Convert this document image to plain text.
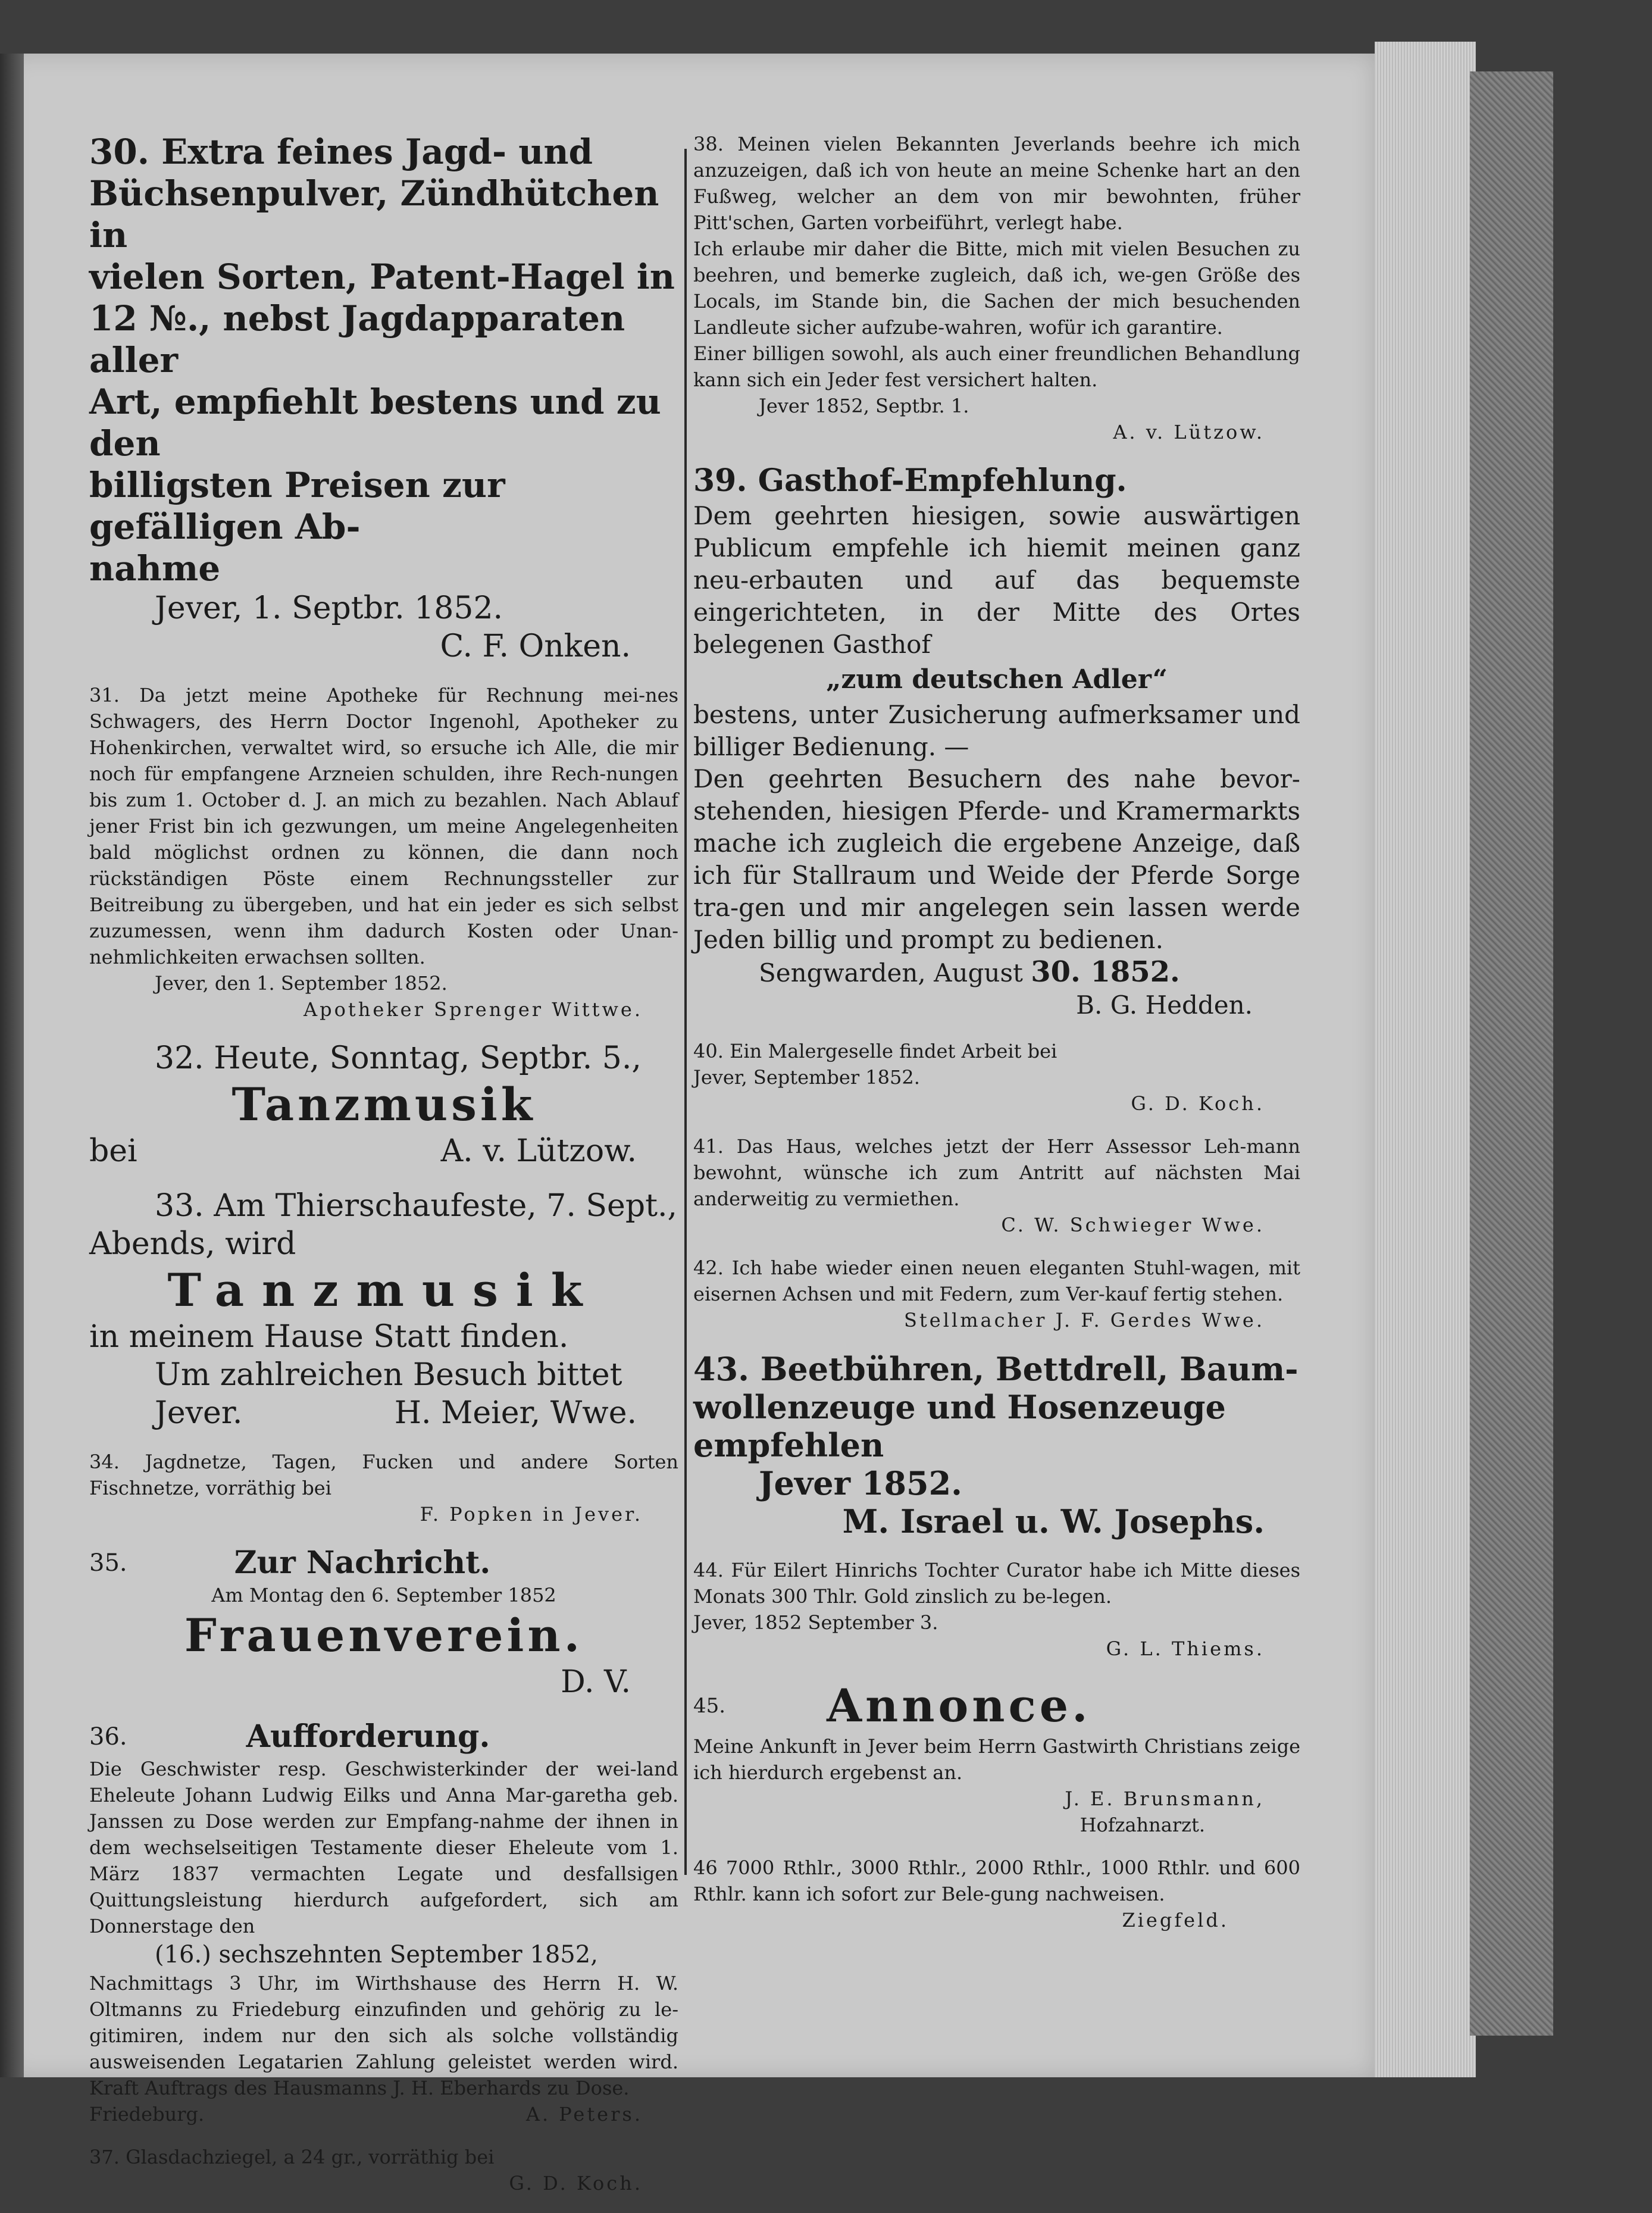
30. Extra feines Jagd- und

Büchsenpulver, Zündhütchen in

vielen Sorten, Patent-Hagel in

12 №., nebst Jagdapparaten aller

Art, empfiehlt bestens und zu den

billigsten Preisen zur gefälligen Ab-

nahme

Jever, 1. Septbr. 1852.

C. F. Onken.

31. Da jetzt meine Apotheke für Rechnung mei-nes Schwagers, des Herrn Doctor Ingenohl, Apotheker zu Hohenkirchen, verwaltet wird, so ersuche ich Alle, die mir noch für empfangene Arzneien schulden, ihre Rech-nungen bis zum 1. October d. J. an mich zu bezahlen. Nach Ablauf jener Frist bin ich gezwungen, um meine Angelegenheiten bald möglichst ordnen zu können, die dann noch rückständigen Pöste einem Rechnungssteller zur Beitreibung zu übergeben, und hat ein jeder es sich selbst zuzumessen, wenn ihm dadurch Kosten oder Unan-nehmlichkeiten erwachsen sollten.

Jever, den 1. September 1852.

Apotheker Sprenger Wittwe.

32. Heute, Sonntag, Septbr. 5.,

Tanzmusik

bei	A. v. Lützow.

33. Am Thierschaufeste, 7. Sept.,

Abends, wird

Tanzmusik

in meinem Hause Statt finden.

Um zahlreichen Besuch bittet

Jever.	H. Meier, Wwe.

34. Jagdnetze, Tagen, Fucken und andere Sorten Fischnetze, vorräthig bei

F. Popken in Jever.

35.	Zur Nachricht.

Am Montag den 6. September 1852

Frauenverein.

D. V.

36.	Aufforderung.

Die Geschwister resp. Geschwisterkinder der wei-land Eheleute Johann Ludwig Eilks und Anna Mar-garetha geb. Janssen zu Dose werden zur Empfang-nahme der ihnen in dem wechselseitigen Testamente dieser Eheleute vom 1. März 1837 vermachten Legate und desfallsigen Quittungsleistung hierdurch aufgefordert, sich am Donnerstage den

(16.) sechszehnten September 1852,

Nachmittags 3 Uhr, im Wirthshause des Herrn H. W. Oltmanns zu Friedeburg einzufinden und gehörig zu le-gitimiren, indem nur den sich als solche vollständig ausweisenden Legatarien Zahlung geleistet werden wird. Kraft Auftrags des Hausmanns J. H. Eberhards zu Dose.

Friedeburg.	A. Peters.

37. Glasdachziegel, a 24 gr., vorräthig bei

G. D. Koch.

38. Meinen vielen Bekannten Jeverlands beehre ich mich anzuzeigen, daß ich von heute an meine Schenke hart an den Fußweg, welcher an dem von mir bewohnten, früher Pitt'schen, Garten vorbeiführt, verlegt habe.

Ich erlaube mir daher die Bitte, mich mit vielen Besuchen zu beehren, und bemerke zugleich, daß ich, we-gen Größe des Locals, im Stande bin, die Sachen der mich besuchenden Landleute sicher aufzube-wahren, wofür ich garantire.

Einer billigen sowohl, als auch einer freundlichen Behandlung kann sich ein Jeder fest versichert halten.

Jever 1852, Septbr. 1.

A. v. Lützow.

39. Gasthof-Empfehlung.

Dem geehrten hiesigen, sowie auswärtigen Publicum empfehle ich hiemit meinen ganz neu-erbauten und auf das bequemste eingerichteten, in der Mitte des Ortes belegenen Gasthof

„zum deutschen Adler“

bestens, unter Zusicherung aufmerksamer und billiger Bedienung. —

Den geehrten Besuchern des nahe bevor-stehenden, hiesigen Pferde- und Kramermarkts mache ich zugleich die ergebene Anzeige, daß ich für Stallraum und Weide der Pferde Sorge tra-gen und mir angelegen sein lassen werde Jeden billig und prompt zu bedienen.

Sengwarden, August 30. 1852.

B. G. Hedden.

40. Ein Malergeselle findet Arbeit bei

Jever, September 1852.

G. D. Koch.

41. Das Haus, welches jetzt der Herr Assessor Leh-mann bewohnt, wünsche ich zum Antritt auf nächsten Mai anderweitig zu vermiethen.

C. W. Schwieger Wwe.

42. Ich habe wieder einen neuen eleganten Stuhl-wagen, mit eisernen Achsen und mit Federn, zum Ver-kauf fertig stehen.

Stellmacher J. F. Gerdes Wwe.

43. Beetbühren, Bettdrell, Baum-

wollenzeuge und Hosenzeuge empfehlen

Jever 1852.

M. Israel u. W. Josephs.

44. Für Eilert Hinrichs Tochter Curator habe ich Mitte dieses Monats 300 Thlr. Gold zinslich zu be-legen.

Jever, 1852 September 3.

G. L. Thiems.

45. Annonce.

Meine Ankunft in Jever beim Herrn Gastwirth Christians zeige ich hierdurch ergebenst an.

J. E. Brunsmann,

Hofzahnarzt.

46 7000 Rthlr., 3000 Rthlr., 2000 Rthlr., 1000 Rthlr. und 600 Rthlr. kann ich sofort zur Bele-gung nachweisen.

Ziegfeld.
